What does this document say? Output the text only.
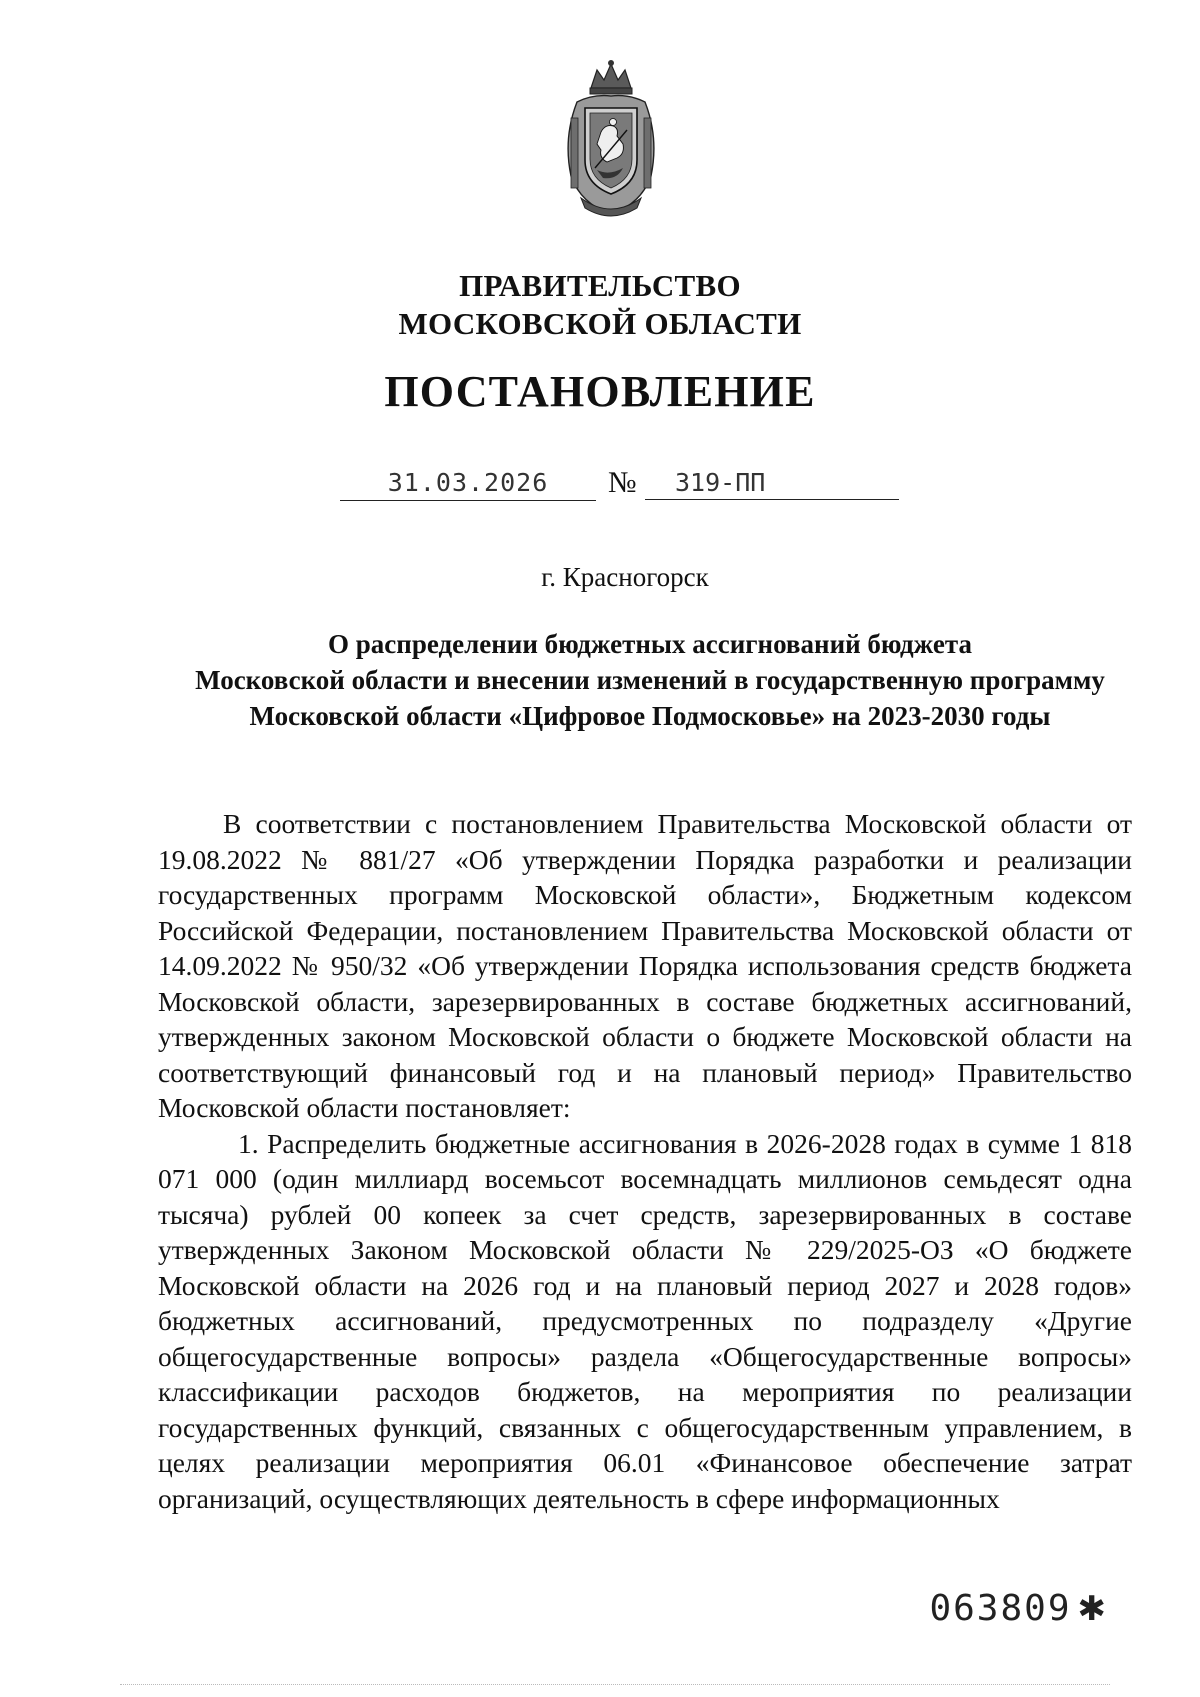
ПРАВИТЕЛЬСТВО
МОСКОВСКОЙ ОБЛАСТИ
ПОСТАНОВЛЕНИЕ
31.03.2026	№	319-ПП
г. Красногорск
О распределении бюджетных ассигнований бюджета
Московской области и внесении изменений в государственную программу
Московской области «Цифровое Подмосковье» на 2023-2030 годы

В соответствии с постановлением Правительства Московской области от 19.08.2022 № 881/27 «Об утверждении Порядка разработки и реализации государственных программ Московской области», Бюджетным кодексом Российской Федерации, постановлением Правительства Московской области от 14.09.2022 № 950/32 «Об утверждении Порядка использования средств бюджета Московской области, зарезервированных в составе бюджетных ассигнований, утвержденных законом Московской области о бюджете Московской области на соответствующий финансовый год и на плановый период» Правительство Московской области постановляет:

1. Распределить бюджетные ассигнования в 2026-2028 годах в сумме 1 818 071 000 (один миллиард восемьсот восемнадцать миллионов семьдесят одна тысяча) рублей 00 копеек за счет средств, зарезервированных в составе утвержденных Законом Московской области № 229/2025-ОЗ «О бюджете Московской области на 2026 год и на плановый период 2027 и 2028 годов» бюджетных ассигнований, предусмотренных по подразделу «Другие общегосударственные вопросы» раздела «Общегосударственные вопросы» классификации расходов бюджетов, на мероприятия по реализации государственных функций, связанных с общегосударственным управлением, в целях реализации мероприятия 06.01 «Финансовое обеспечение затрат организаций, осуществляющих деятельность в сфере информационных

063809 ✱
